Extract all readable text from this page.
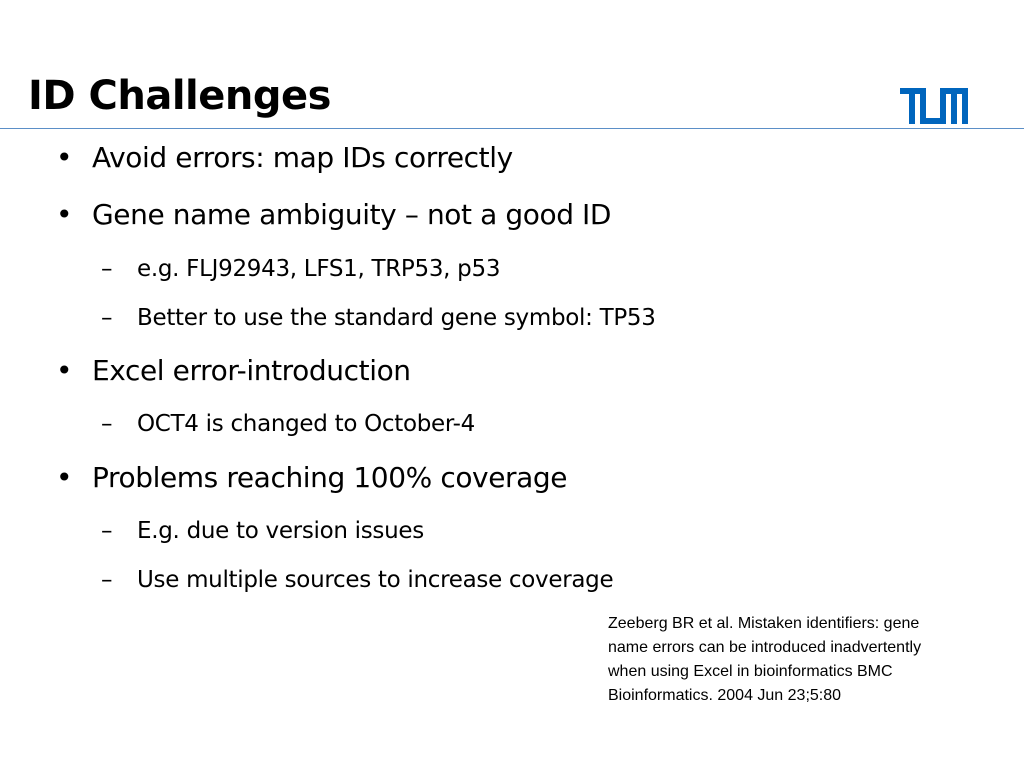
ID Challenges
• Avoid errors: map IDs correctly
• Gene name ambiguity – not a good ID
– e.g. FLJ92943, LFS1, TRP53, p53
– Better to use the standard gene symbol: TP53
• Excel error-introduction
– OCT4 is changed to October-4
• Problems reaching 100% coverage
– E.g. due to version issues
– Use multiple sources to increase coverage
Zeeberg BR et al. Mistaken identifiers: gene
name errors can be introduced inadvertently
when using Excel in bioinformatics BMC
Bioinformatics. 2004 Jun 23;5:80
